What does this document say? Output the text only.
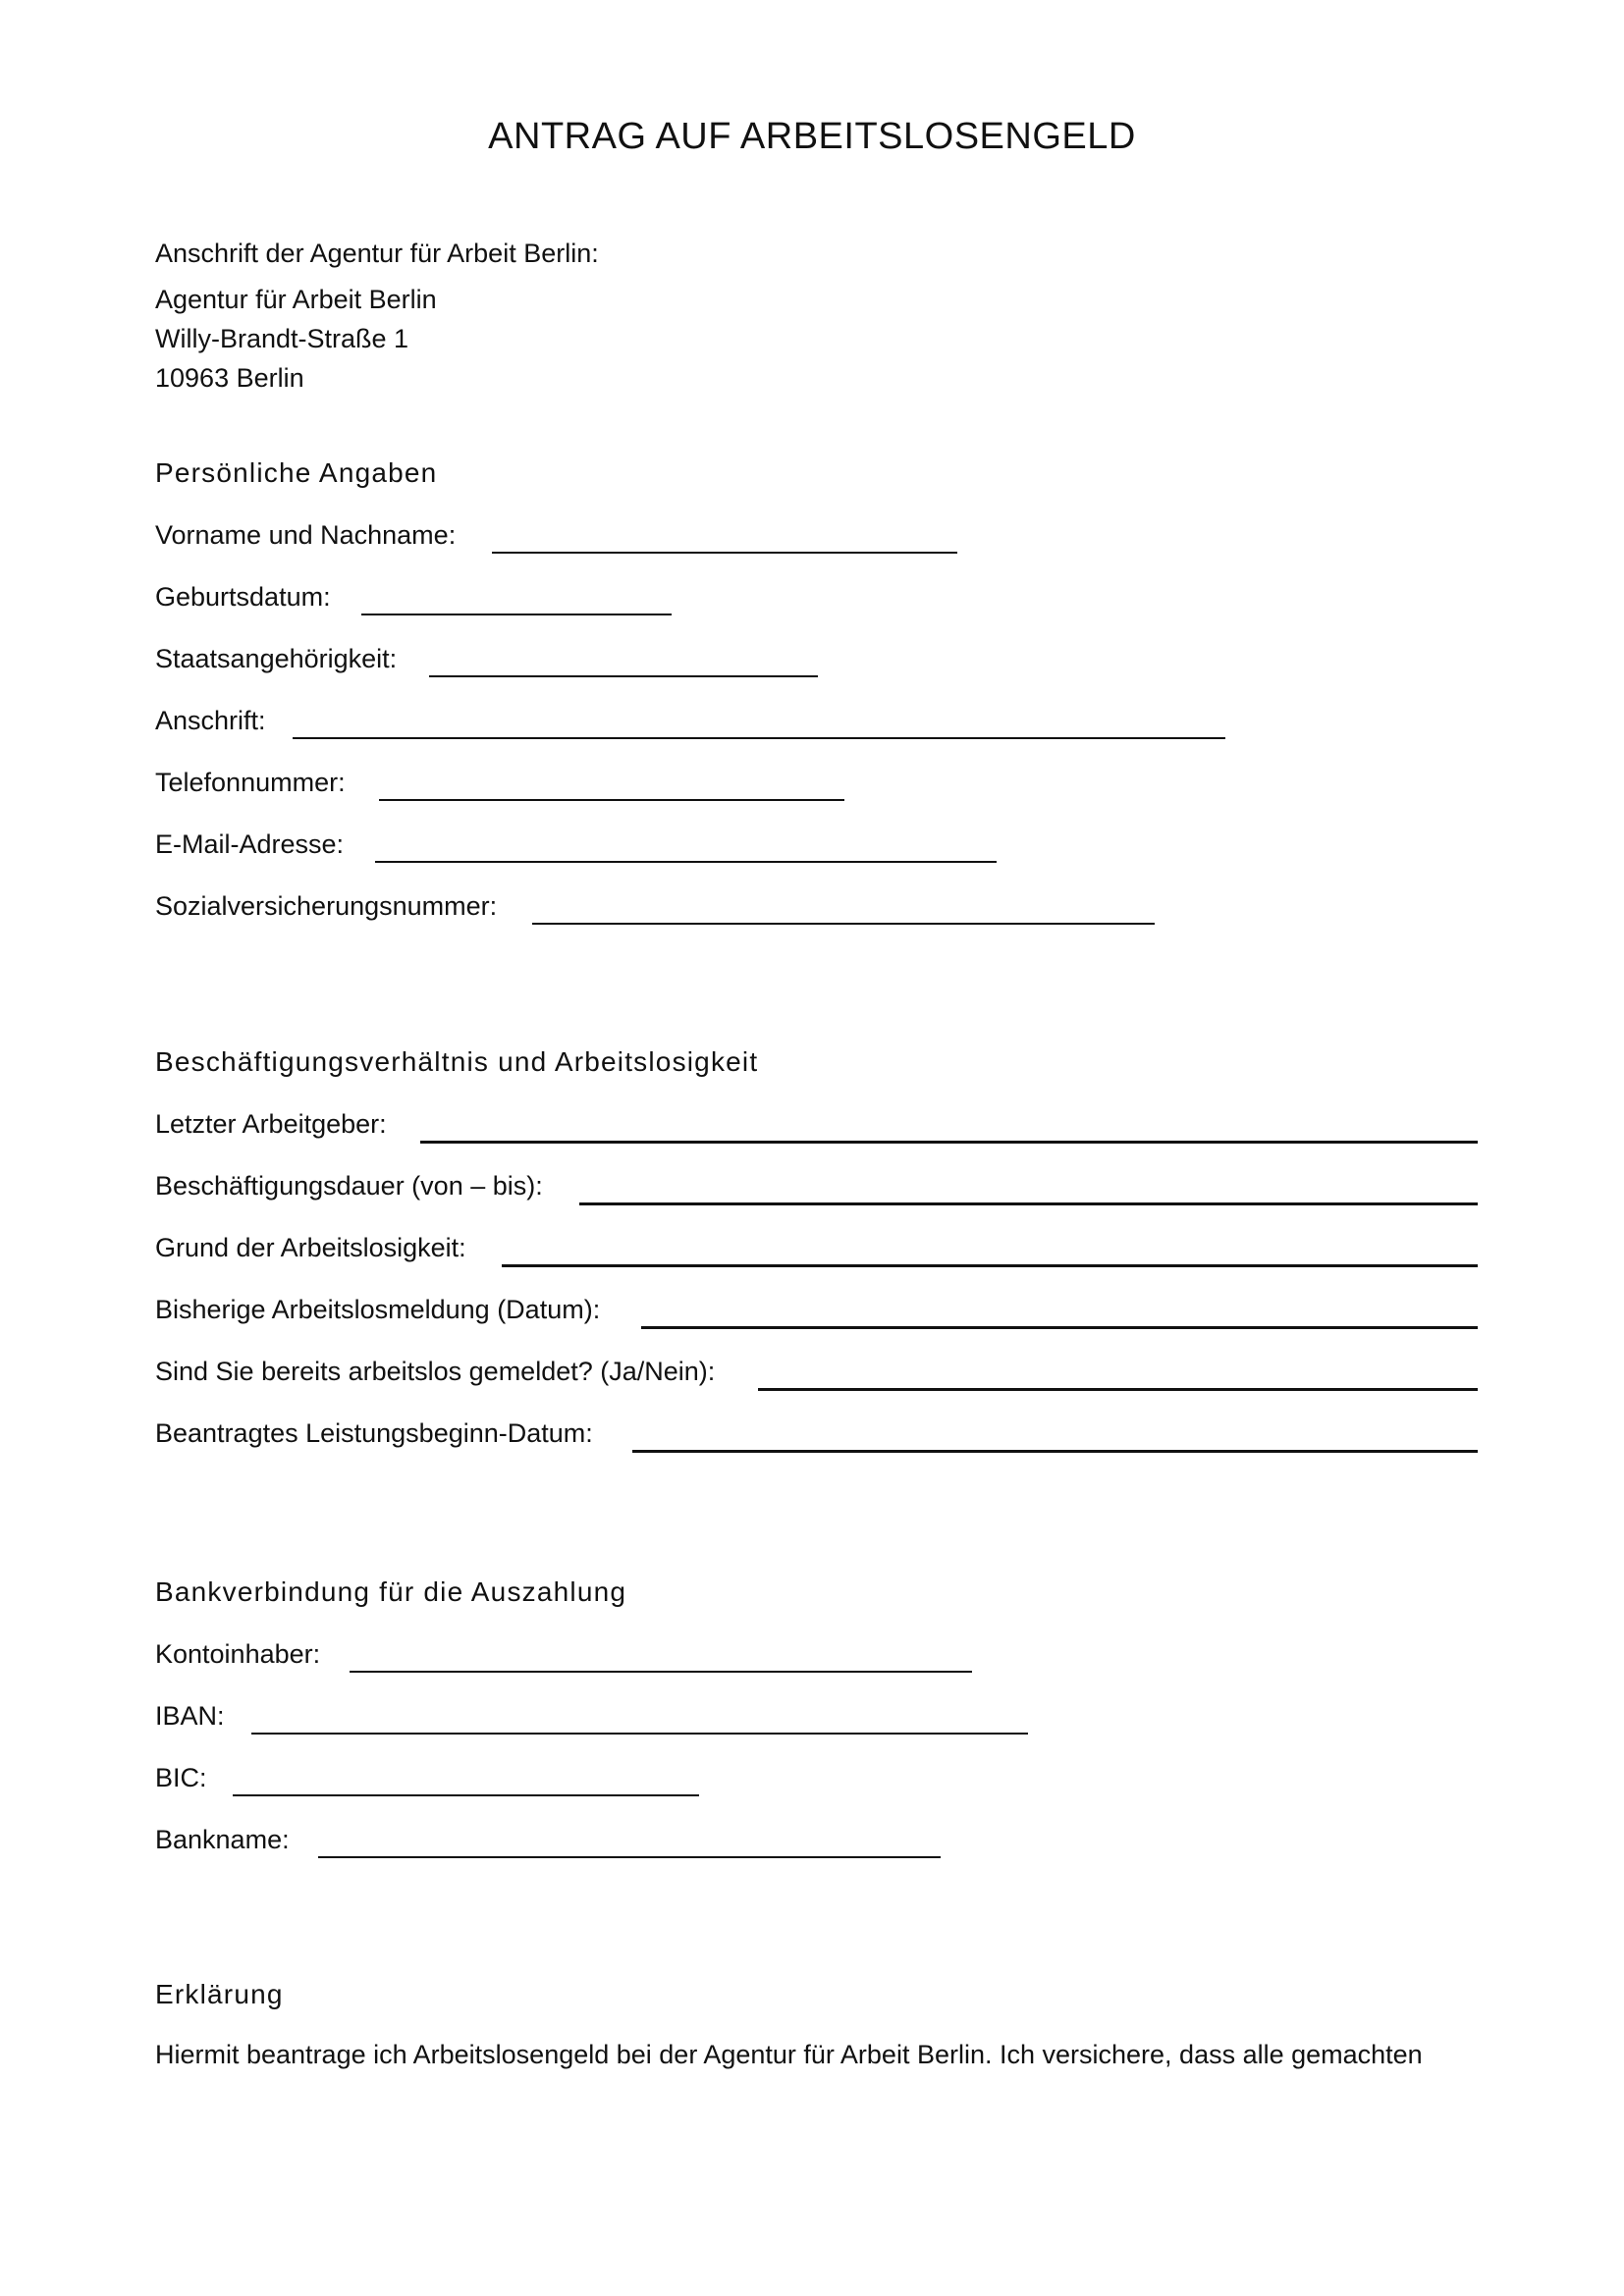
ANTRAG AUF ARBEITSLOSENGELD
Anschrift der Agentur für Arbeit Berlin:
Agentur für Arbeit Berlin
Willy-Brandt-Straße 1
10963 Berlin
Persönliche Angaben
Vorname und Nachname:
Geburtsdatum:
Staatsangehörigkeit:
Anschrift:
Telefonnummer:
E-Mail-Adresse:
Sozialversicherungsnummer:
Beschäftigungsverhältnis und Arbeitslosigkeit
Letzter Arbeitgeber:
Beschäftigungsdauer (von – bis):
Grund der Arbeitslosigkeit:
Bisherige Arbeitslosmeldung (Datum):
Sind Sie bereits arbeitslos gemeldet? (Ja/Nein):
Beantragtes Leistungsbeginn-Datum:
Bankverbindung für die Auszahlung
Kontoinhaber:
IBAN:
BIC:
Bankname:
Erklärung
Hiermit beantrage ich Arbeitslosengeld bei der Agentur für Arbeit Berlin. Ich versichere, dass alle gemachten
